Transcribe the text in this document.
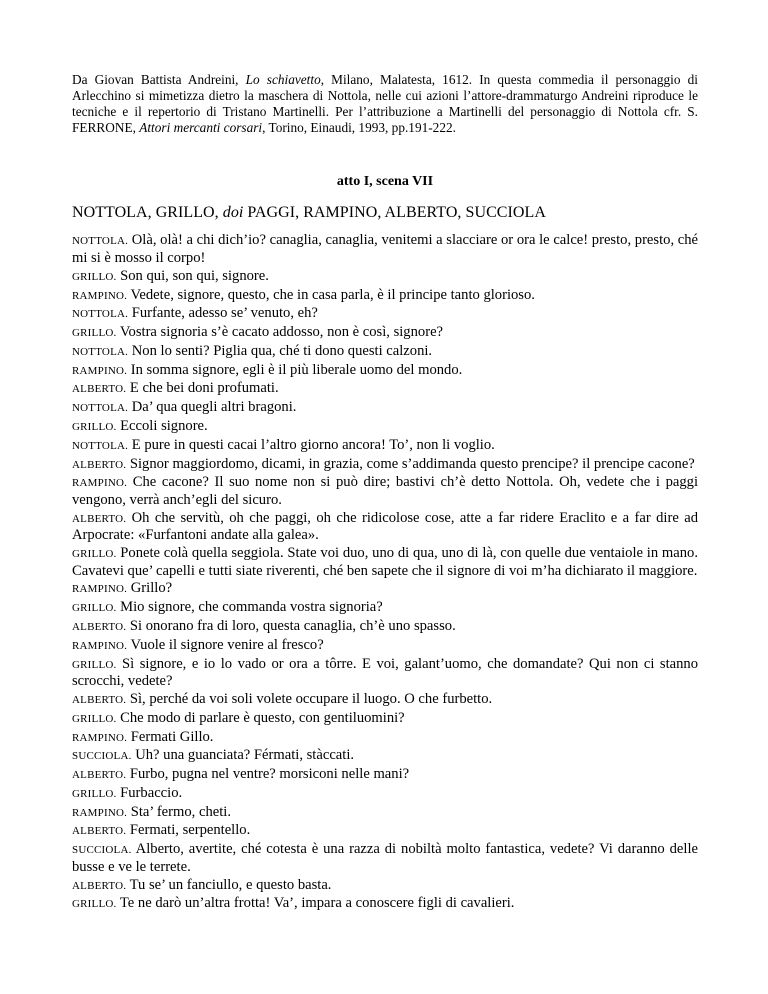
Da Giovan Battista Andreini, Lo schiavetto, Milano, Malatesta, 1612. In questa commedia il personaggio di Arlecchino si mimetizza dietro la maschera di Nottola, nelle cui azioni l’attore-drammaturgo Andreini riproduce le tecniche e il repertorio di Tristano Martinelli. Per l’attribuzione a Martinelli del personaggio di Nottola cfr. S. FERRONE, Attori mercanti corsari, Torino, Einaudi, 1993, pp.191-222.

atto I, scena VII
NOTTOLA, GRILLO, doi PAGGI, RAMPINO, ALBERTO, SUCCIOLA

NOTTOLA. Olà, olà! a chi dich’io? canaglia, canaglia, venitemi a slacciare or ora le calce! presto, presto, ché mi si è mosso il corpo!

GRILLO. Son qui, son qui, signore.

RAMPINO. Vedete, signore, questo, che in casa parla, è il principe tanto glorioso.

NOTTOLA. Furfante, adesso se’ venuto, eh?

GRILLO. Vostra signoria s’è cacato addosso, non è così, signore?

NOTTOLA. Non lo senti? Piglia qua, ché ti dono questi calzoni.

RAMPINO. In somma signore, egli è il più liberale uomo del mondo.

ALBERTO. E che bei doni profumati.

NOTTOLA. Da’ qua quegli altri bragoni.

GRILLO. Eccoli signore.

NOTTOLA. E pure in questi cacai l’altro giorno ancora! To’, non li voglio.

ALBERTO. Signor maggiordomo, dicami, in grazia, come s’addimanda questo prencipe? il prencipe cacone?

RAMPINO. Che cacone? Il suo nome non si può dire; bastivi ch’è detto Nottola. Oh, vedete che i paggi vengono, verrà anch’egli del sicuro.

ALBERTO. Oh che servitù, oh che paggi, oh che ridicolose cose, atte a far ridere Eraclito e a far dire ad Arpocrate: «Furfantoni andate alla galea».

GRILLO. Ponete colà quella seggiola. State voi duo, uno di qua, uno di là, con quelle due ventaiole in mano. Cavatevi que’ capelli e tutti siate riverenti, ché ben sapete che il signore di voi m’ha dichiarato il maggiore.

RAMPINO. Grillo?

GRILLO. Mio signore, che commanda vostra signoria?

ALBERTO. Si onorano fra di loro, questa canaglia, ch’è uno spasso.

RAMPINO. Vuole il signore venire al fresco?

GRILLO. Sì signore, e io lo vado or ora a tôrre. E voi, galant’uomo, che domandate? Qui non ci stanno scrocchi, vedete?

ALBERTO. Sì, perché da voi soli volete occupare il luogo. O che furbetto.

GRILLO. Che modo di parlare è questo, con gentiluomini?

RAMPINO. Fermati Gillo.

SUCCIOLA. Uh? una guanciata? Férmati, stàccati.

ALBERTO. Furbo, pugna nel ventre? morsiconi nelle mani?

GRILLO. Furbaccio.

RAMPINO. Sta’ fermo, cheti.

ALBERTO. Fermati, serpentello.

SUCCIOLA. Alberto, avertite, ché cotesta è una razza di nobiltà molto fantastica, vedete? Vi daranno delle busse e ve le terrete.

ALBERTO. Tu se’ un fanciullo, e questo basta.

GRILLO. Te ne darò un’altra frotta! Va’, impara a conoscere figli di cavalieri.
